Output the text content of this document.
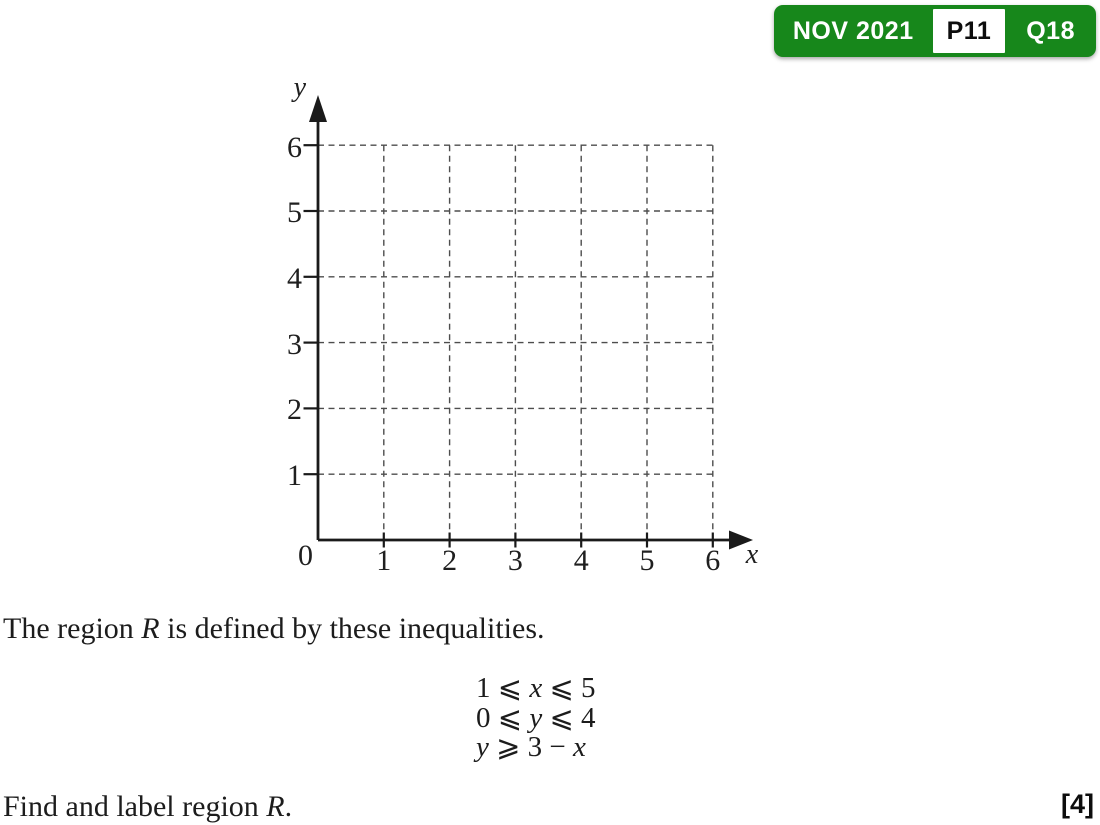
NOV 2021	P11	Q18
y
x
0 1 2 3 4 5 6
1
2
3
4
5
6

The region R is defined by these inequalities.

1 ⩽ x ⩽ 5
0 ⩽ y ⩽ 4
y ⩾ 3 − x

Find and label region R.	[4]
